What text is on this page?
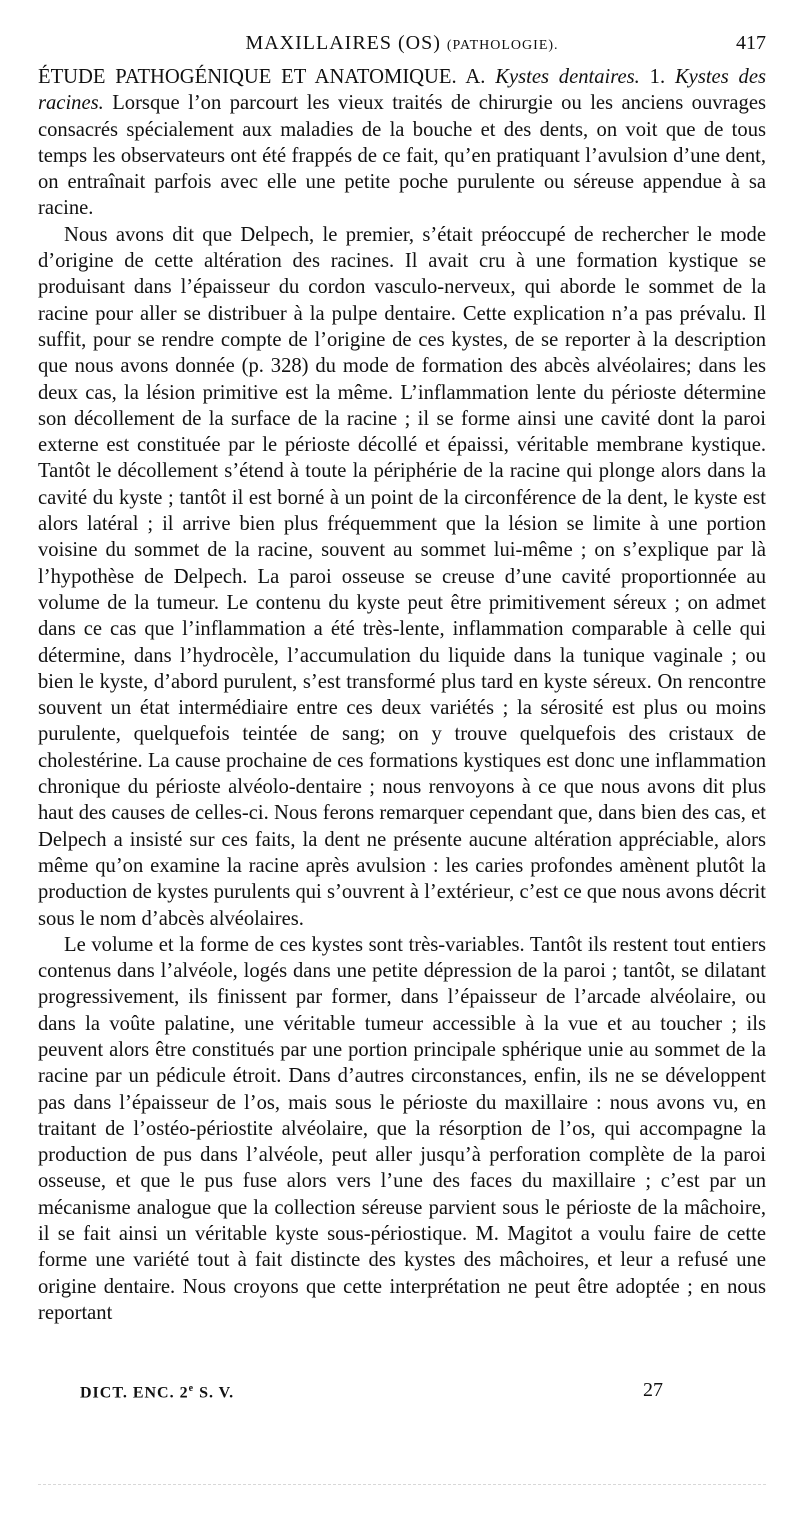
MAXILLAIRES (OS) (PATHOLOGIE).	417

ÉTUDE PATHOGÉNIQUE ET ANATOMIQUE. A. Kystes dentaires. 1. Kystes des racines. Lorsque l’on parcourt les vieux traités de chirurgie ou les anciens ouvrages consacrés spécialement aux maladies de la bouche et des dents, on voit que de tous temps les observateurs ont été frappés de ce fait, qu’en pratiquant l’avulsion d’une dent, on entraînait parfois avec elle une petite poche purulente ou séreuse appendue à sa racine.

Nous avons dit que Delpech, le premier, s’était préoccupé de rechercher le mode d’origine de cette altération des racines. Il avait cru à une formation kystique se produisant dans l’épaisseur du cordon vasculo-nerveux, qui aborde le sommet de la racine pour aller se distribuer à la pulpe dentaire. Cette explication n’a pas prévalu. Il suffit, pour se rendre compte de l’origine de ces kystes, de se reporter à la description que nous avons donnée (p. 328) du mode de formation des abcès alvéolaires; dans les deux cas, la lésion primitive est la même. L’inflammation lente du périoste détermine son décollement de la surface de la racine ; il se forme ainsi une cavité dont la paroi externe est constituée par le périoste décollé et épaissi, véritable membrane kystique. Tantôt le décollement s’étend à toute la périphérie de la racine qui plonge alors dans la cavité du kyste ; tantôt il est borné à un point de la circonférence de la dent, le kyste est alors latéral ; il arrive bien plus fréquemment que la lésion se limite à une portion voisine du sommet de la racine, souvent au sommet lui-même ; on s’explique par là l’hypothèse de Delpech. La paroi osseuse se creuse d’une cavité proportionnée au volume de la tumeur. Le contenu du kyste peut être primitivement séreux ; on admet dans ce cas que l’inflammation a été très-lente, inflammation comparable à celle qui détermine, dans l’hydrocèle, l’accumulation du liquide dans la tunique vaginale ; ou bien le kyste, d’abord purulent, s’est transformé plus tard en kyste séreux. On rencontre souvent un état intermédiaire entre ces deux variétés ; la sérosité est plus ou moins purulente, quelquefois teintée de sang; on y trouve quelquefois des cristaux de cholestérine. La cause prochaine de ces formations kystiques est donc une inflammation chronique du périoste alvéolo-dentaire ; nous renvoyons à ce que nous avons dit plus haut des causes de celles-ci. Nous ferons remarquer cependant que, dans bien des cas, et Delpech a insisté sur ces faits, la dent ne présente aucune altération appréciable, alors même qu’on examine la racine après avulsion : les caries profondes amènent plutôt la production de kystes purulents qui s’ouvrent à l’extérieur, c’est ce que nous avons décrit sous le nom d’abcès alvéolaires.

Le volume et la forme de ces kystes sont très-variables. Tantôt ils restent tout entiers contenus dans l’alvéole, logés dans une petite dépression de la paroi ; tantôt, se dilatant progressivement, ils finissent par former, dans l’épaisseur de l’arcade alvéolaire, ou dans la voûte palatine, une véritable tumeur accessible à la vue et au toucher ; ils peuvent alors être constitués par une portion principale sphérique unie au sommet de la racine par un pédicule étroit. Dans d’autres circonstances, enfin, ils ne se développent pas dans l’épaisseur de l’os, mais sous le périoste du maxillaire : nous avons vu, en traitant de l’ostéo-périostite alvéolaire, que la résorption de l’os, qui accompagne la production de pus dans l’alvéole, peut aller jusqu’à perforation complète de la paroi osseuse, et que le pus fuse alors vers l’une des faces du maxillaire ; c’est par un mécanisme analogue que la collection séreuse parvient sous le périoste de la mâchoire, il se fait ainsi un véritable kyste sous-périostique. M. Magitot a voulu faire de cette forme une variété tout à fait distincte des kystes des mâchoires, et leur a refusé une origine dentaire. Nous croyons que cette interprétation ne peut être adoptée ; en nous reportant

DICT. ENC. 2e S. V.	27
